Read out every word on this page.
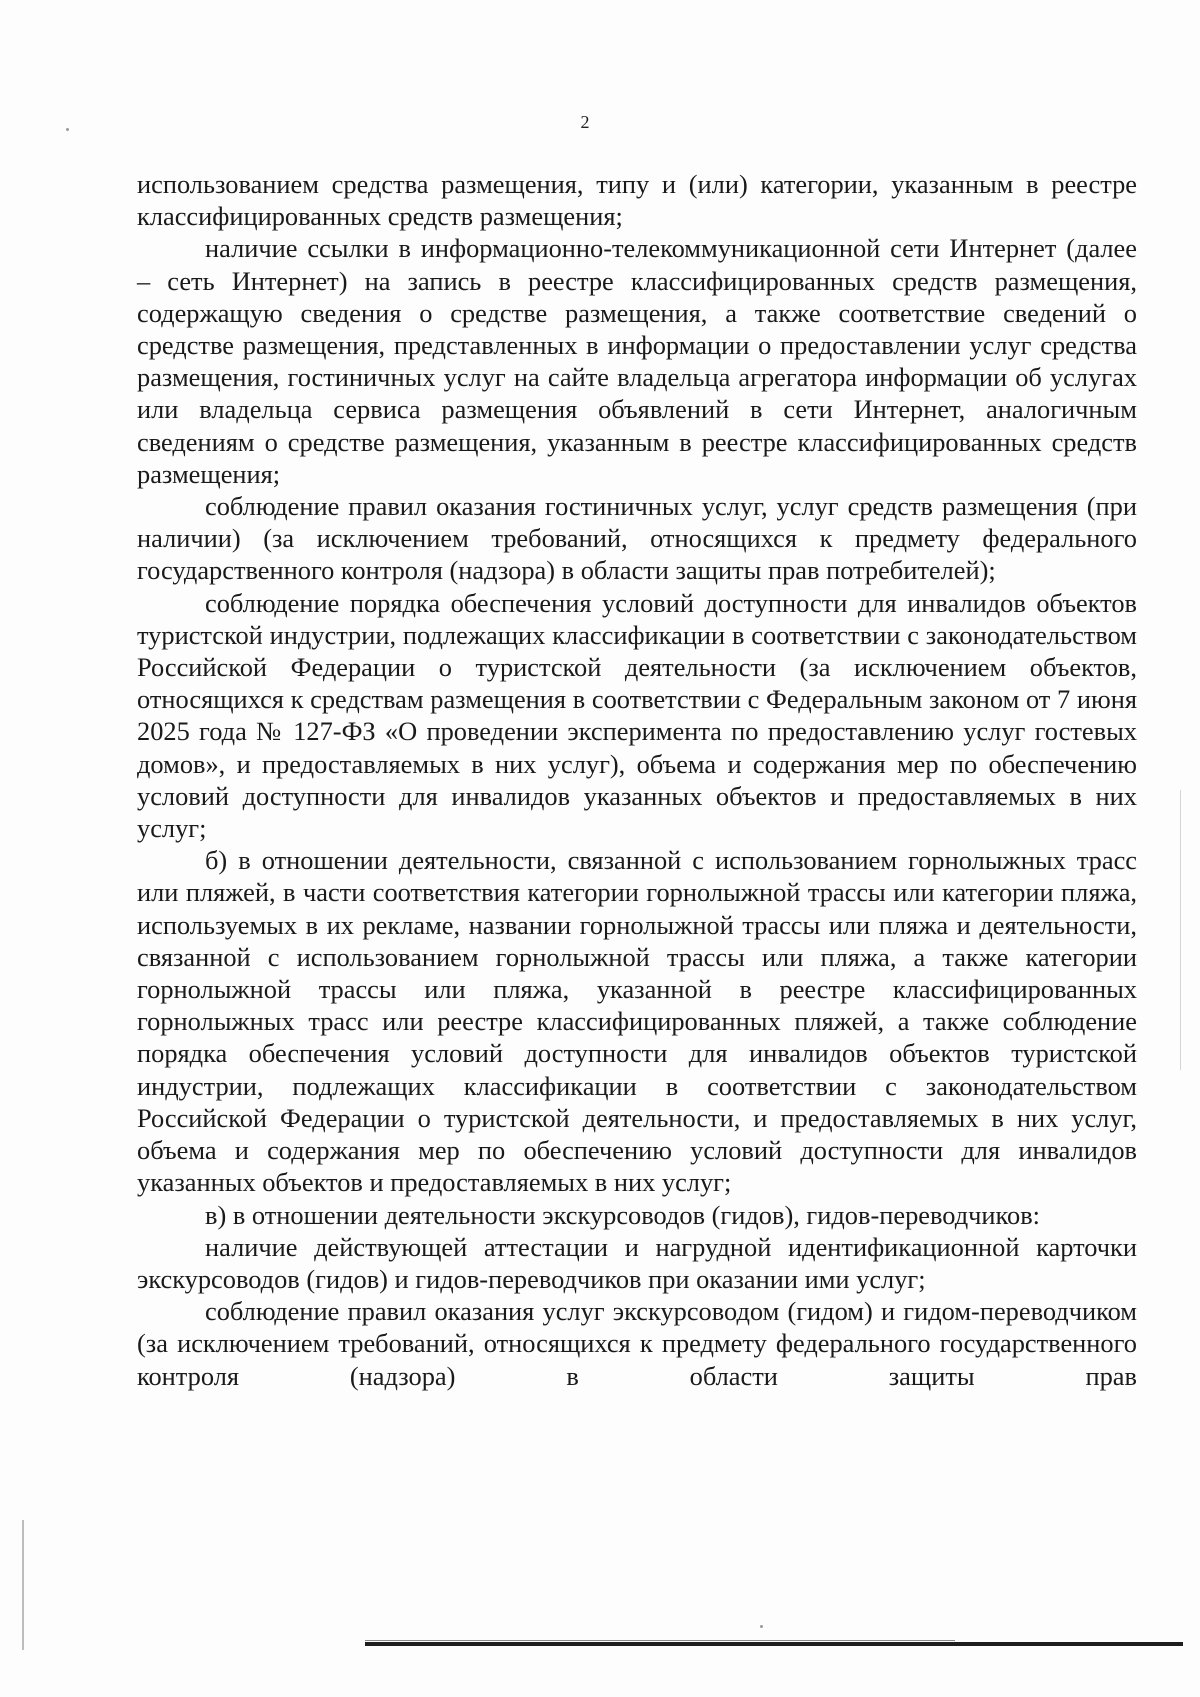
2

использованием средства размещения, типу и (или) категории, указанным в реестре классифицированных средств размещения;

наличие ссылки в информационно-телекоммуникационной сети Интернет (далее – сеть Интернет) на запись в реестре классифицированных средств размещения, содержащую сведения о средстве размещения, а также соответствие сведений о средстве размещения, представленных в информации о предоставлении услуг средства размещения, гостиничных услуг на сайте владельца агрегатора информации об услугах или владельца сервиса размещения объявлений в сети Интернет, аналогичным сведениям о средстве размещения, указанным в реестре классифицированных средств размещения;

соблюдение правил оказания гостиничных услуг, услуг средств размещения (при наличии) (за исключением требований, относящихся к предмету федерального государственного контроля (надзора) в области защиты прав потребителей);

соблюдение порядка обеспечения условий доступности для инвалидов объектов туристской индустрии, подлежащих классификации в соответствии с законодательством Российской Федерации о туристской деятельности (за исключением объектов, относящихся к средствам размещения в соответствии с Федеральным законом от 7 июня 2025 года № 127-ФЗ «О проведении эксперимента по предоставлению услуг гостевых домов», и предоставляемых в них услуг), объема и содержания мер по обеспечению условий доступности для инвалидов указанных объектов и предоставляемых в них услуг;

б) в отношении деятельности, связанной с использованием горнолыжных трасс или пляжей, в части соответствия категории горнолыжной трассы или категории пляжа, используемых в их рекламе, названии горнолыжной трассы или пляжа и деятельности, связанной с использованием горнолыжной трассы или пляжа, а также категории горнолыжной трассы или пляжа, указанной в реестре классифицированных горнолыжных трасс или реестре классифицированных пляжей, а также соблюдение порядка обеспечения условий доступности для инвалидов объектов туристской индустрии, подлежащих классификации в соответствии с законодательством Российской Федерации о туристской деятельности, и предоставляемых в них услуг, объема и содержания мер по обеспечению условий доступности для инвалидов указанных объектов и предоставляемых в них услуг;

в) в отношении деятельности экскурсоводов (гидов), гидов-переводчиков:

наличие действующей аттестации и нагрудной идентификационной карточки экскурсоводов (гидов) и гидов-переводчиков при оказании ими услуг;

соблюдение правил оказания услуг экскурсоводом (гидом) и гидом-переводчиком (за исключением требований, относящихся к предмету федерального государственного контроля (надзора) в области защиты прав
